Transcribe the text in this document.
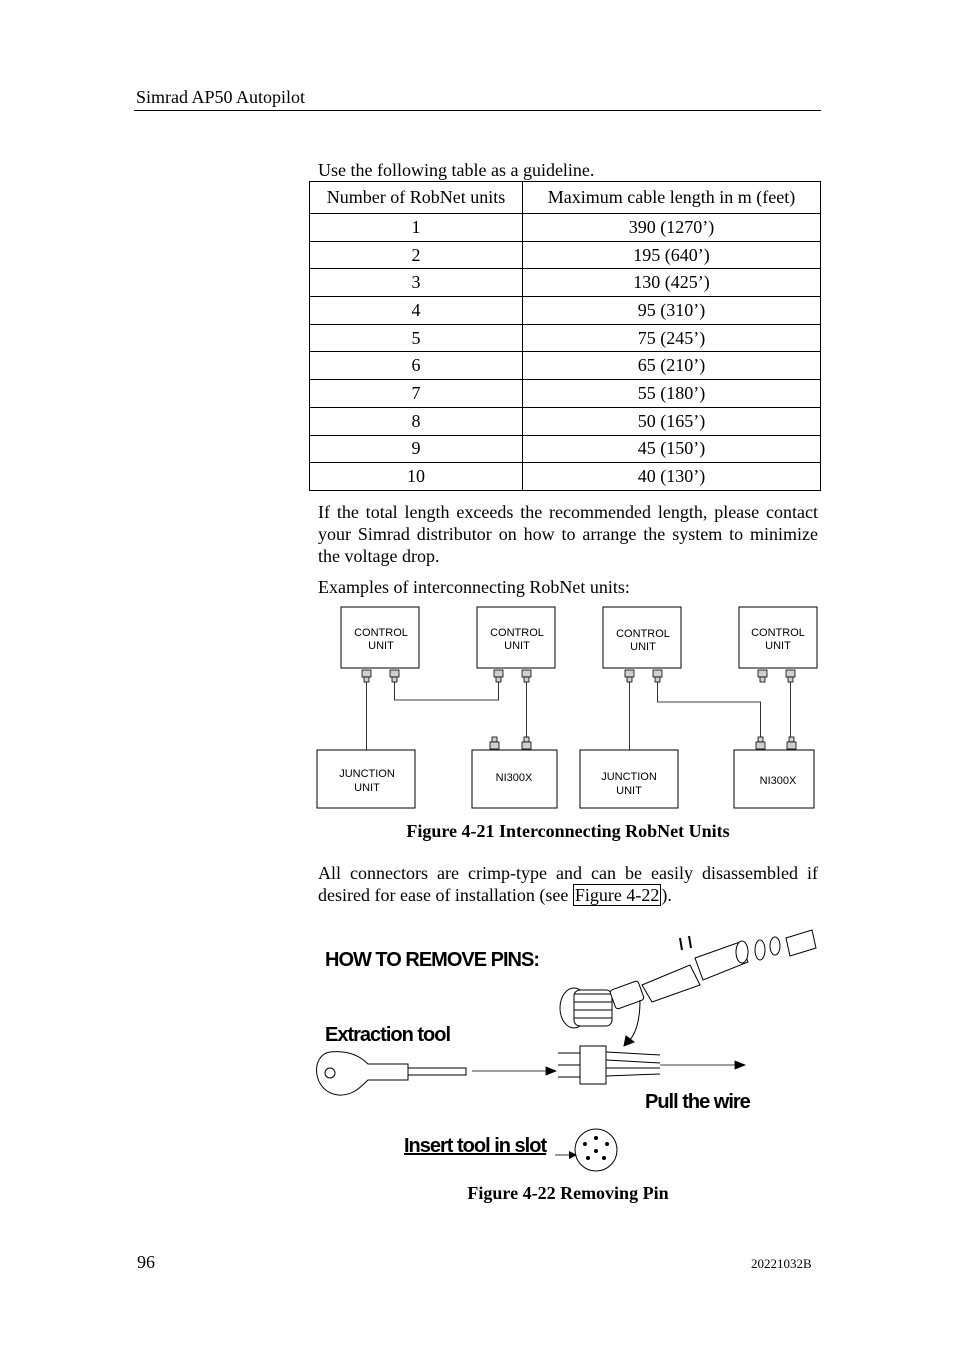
Simrad AP50 Autopilot
Use the following table as a guideline.
Number of RobNet units	Maximum cable length in m (feet)
1	390 (1270’)
2	195 (640’)
3	130 (425’)
4	95 (310’)
5	75 (245’)
6	65 (210’)
7	55 (180’)
8	50 (165’)
9	45 (150’)
10	40 (130’)
If the total length exceeds the recommended length, please contact your Simrad distributor on how to arrange the system to minimize the voltage drop.
Examples of interconnecting RobNet units:
CONTROL
UNIT
CONTROL
UNIT
CONTROL
UNIT
CONTROL
UNIT
JUNCTION
UNIT
JUNCTION
UNIT
NI300X	NI300X
Figure 4-21 Interconnecting RobNet Units
All connectors are crimp-type and can be easily disassembled if desired for ease of installation (see Figure 4-22 ).
HOW TO REMOVE PINS:
Extraction tool
Pull the wire
Insert tool in slot
Figure 4-22 Removing Pin
96	20221032B
